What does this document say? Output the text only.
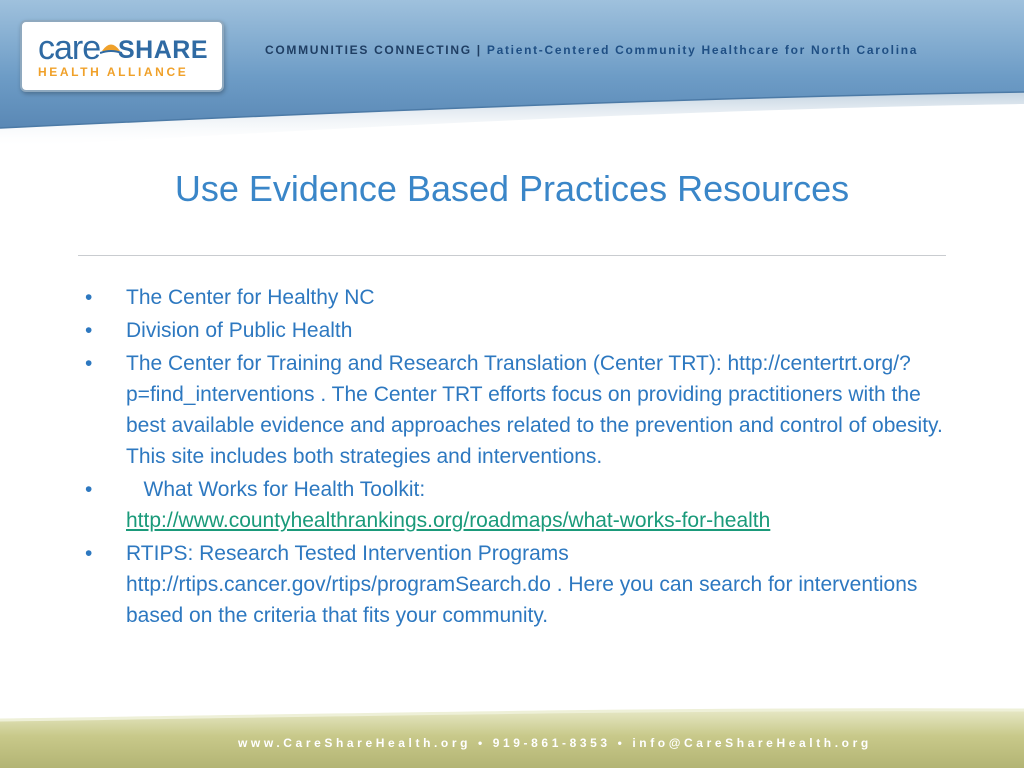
care SHARE
HEALTH ALLIANCE
COMMUNITIES CONNECTING | Patient-Centered Community Healthcare for North Carolina
Use Evidence Based Practices Resources
• The Center for Healthy NC
• Division of Public Health
• The Center for Training and Research Translation (Center TRT): http://centertrt.org/?p=find_interventions . The Center TRT efforts focus on providing practitioners with the best available evidence and approaches related to the prevention and control of obesity. This site includes both strategies and interventions.
• What Works for Health Toolkit:
http://www.countyhealthrankings.org/roadmaps/what-works-for-health
• RTIPS: Research Tested Intervention Programs http://rtips.cancer.gov/rtips/programSearch.do . Here you can search for interventions based on the criteria that fits your community.
www.CareShareHealth.org • 919-861-8353 • info@CareShareHealth.org
